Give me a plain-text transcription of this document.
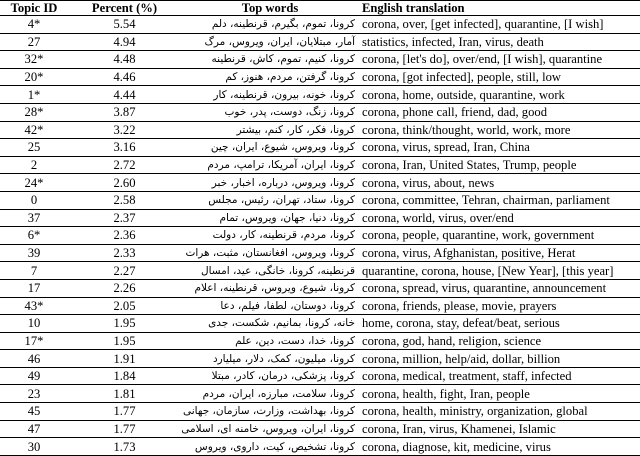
Topic ID	Percent (%)	Top words	English translation
4*	5.54	کرونا، تموم، بگیرم، قرنطینه، دلم	corona, over, [get infected], quarantine, [I wish]
27	4.94	آمار، مبتلایان، ایران، ویروس، مرگ	statistics, infected, Iran, virus, death
32*	4.48	کرونا، کنیم، تموم، کاش، قرنطینه	corona, [let's do], over/end, [I wish], quarantine
20*	4.46	کرونا، گرفتن، مردم، هنوز، کم	corona, [got infected], people, still, low
1*	4.44	کرونا، خونه، بیرون، قرنطینه، کار	corona, home, outside, quarantine, work
28*	3.87	کرونا، زنگ، دوست، پدر، خوب	corona, phone call, friend, dad, good
42*	3.22	کرونا، فکر، کار، کنم، بیشتر	corona, think/thought, world, work, more
25	3.16	کرونا، ویروس، شیوع، ایران، چین	corona, virus, spread, Iran, China
2	2.72	کرونا، ایران، آمریکا، ترامپ، مردم	corona, Iran, United States, Trump, people
24*	2.60	کرونا، ویروس، درباره، اخبار، خبر	corona, virus, about, news
0	2.58	کرونا، ستاد، تهران، رئیس، مجلس	corona, committee, Tehran, chairman, parliament
37	2.37	کرونا، دنیا، جهان، ویروس، تمام	corona, world, virus, over/end
6*	2.36	کرونا، مردم، قرنطینه، کار، دولت	corona, people, quarantine, work, government
39	2.33	کرونا، ویروس، افغانستان، مثبت، هرات	corona, virus, Afghanistan, positive, Herat
7	2.27	قرنطینه، کرونا، خانگی، عید، امسال	quarantine, corona, house, [New Year], [this year]
17	2.26	کرونا، شیوع، ویروس، قرنطینه، اعلام	corona, spread, virus, quarantine, announcement
43*	2.05	کرونا، دوستان، لطفا، فیلم، دعا	corona, friends, please, movie, prayers
10	1.95	خانه، کرونا، بمانیم، شکست، جدی	home, corona, stay, defeat/beat, serious
17*	1.95	کرونا، خدا، دست، دین، علم	corona, god, hand, religion, science
46	1.91	کرونا، میلیون، کمک، دلار، میلیارد	corona, million, help/aid, dollar, billion
49	1.84	کرونا، پزشکی، درمان، کادر، مبتلا	corona, medical, treatment, staff, infected
23	1.81	کرونا، سلامت، مبارزه، ایران، مردم	corona, health, fight, Iran, people
45	1.77	کرونا، بهداشت، وزارت، سازمان، جهانی	corona, health, ministry, organization, global
47	1.77	کرونا، ایران، ویروس، خامنه ای، اسلامی	corona, Iran, virus, Khamenei, Islamic
30	1.73	کرونا، تشخیص، کیت، داروی، ویروس	corona, diagnose, kit, medicine, virus
